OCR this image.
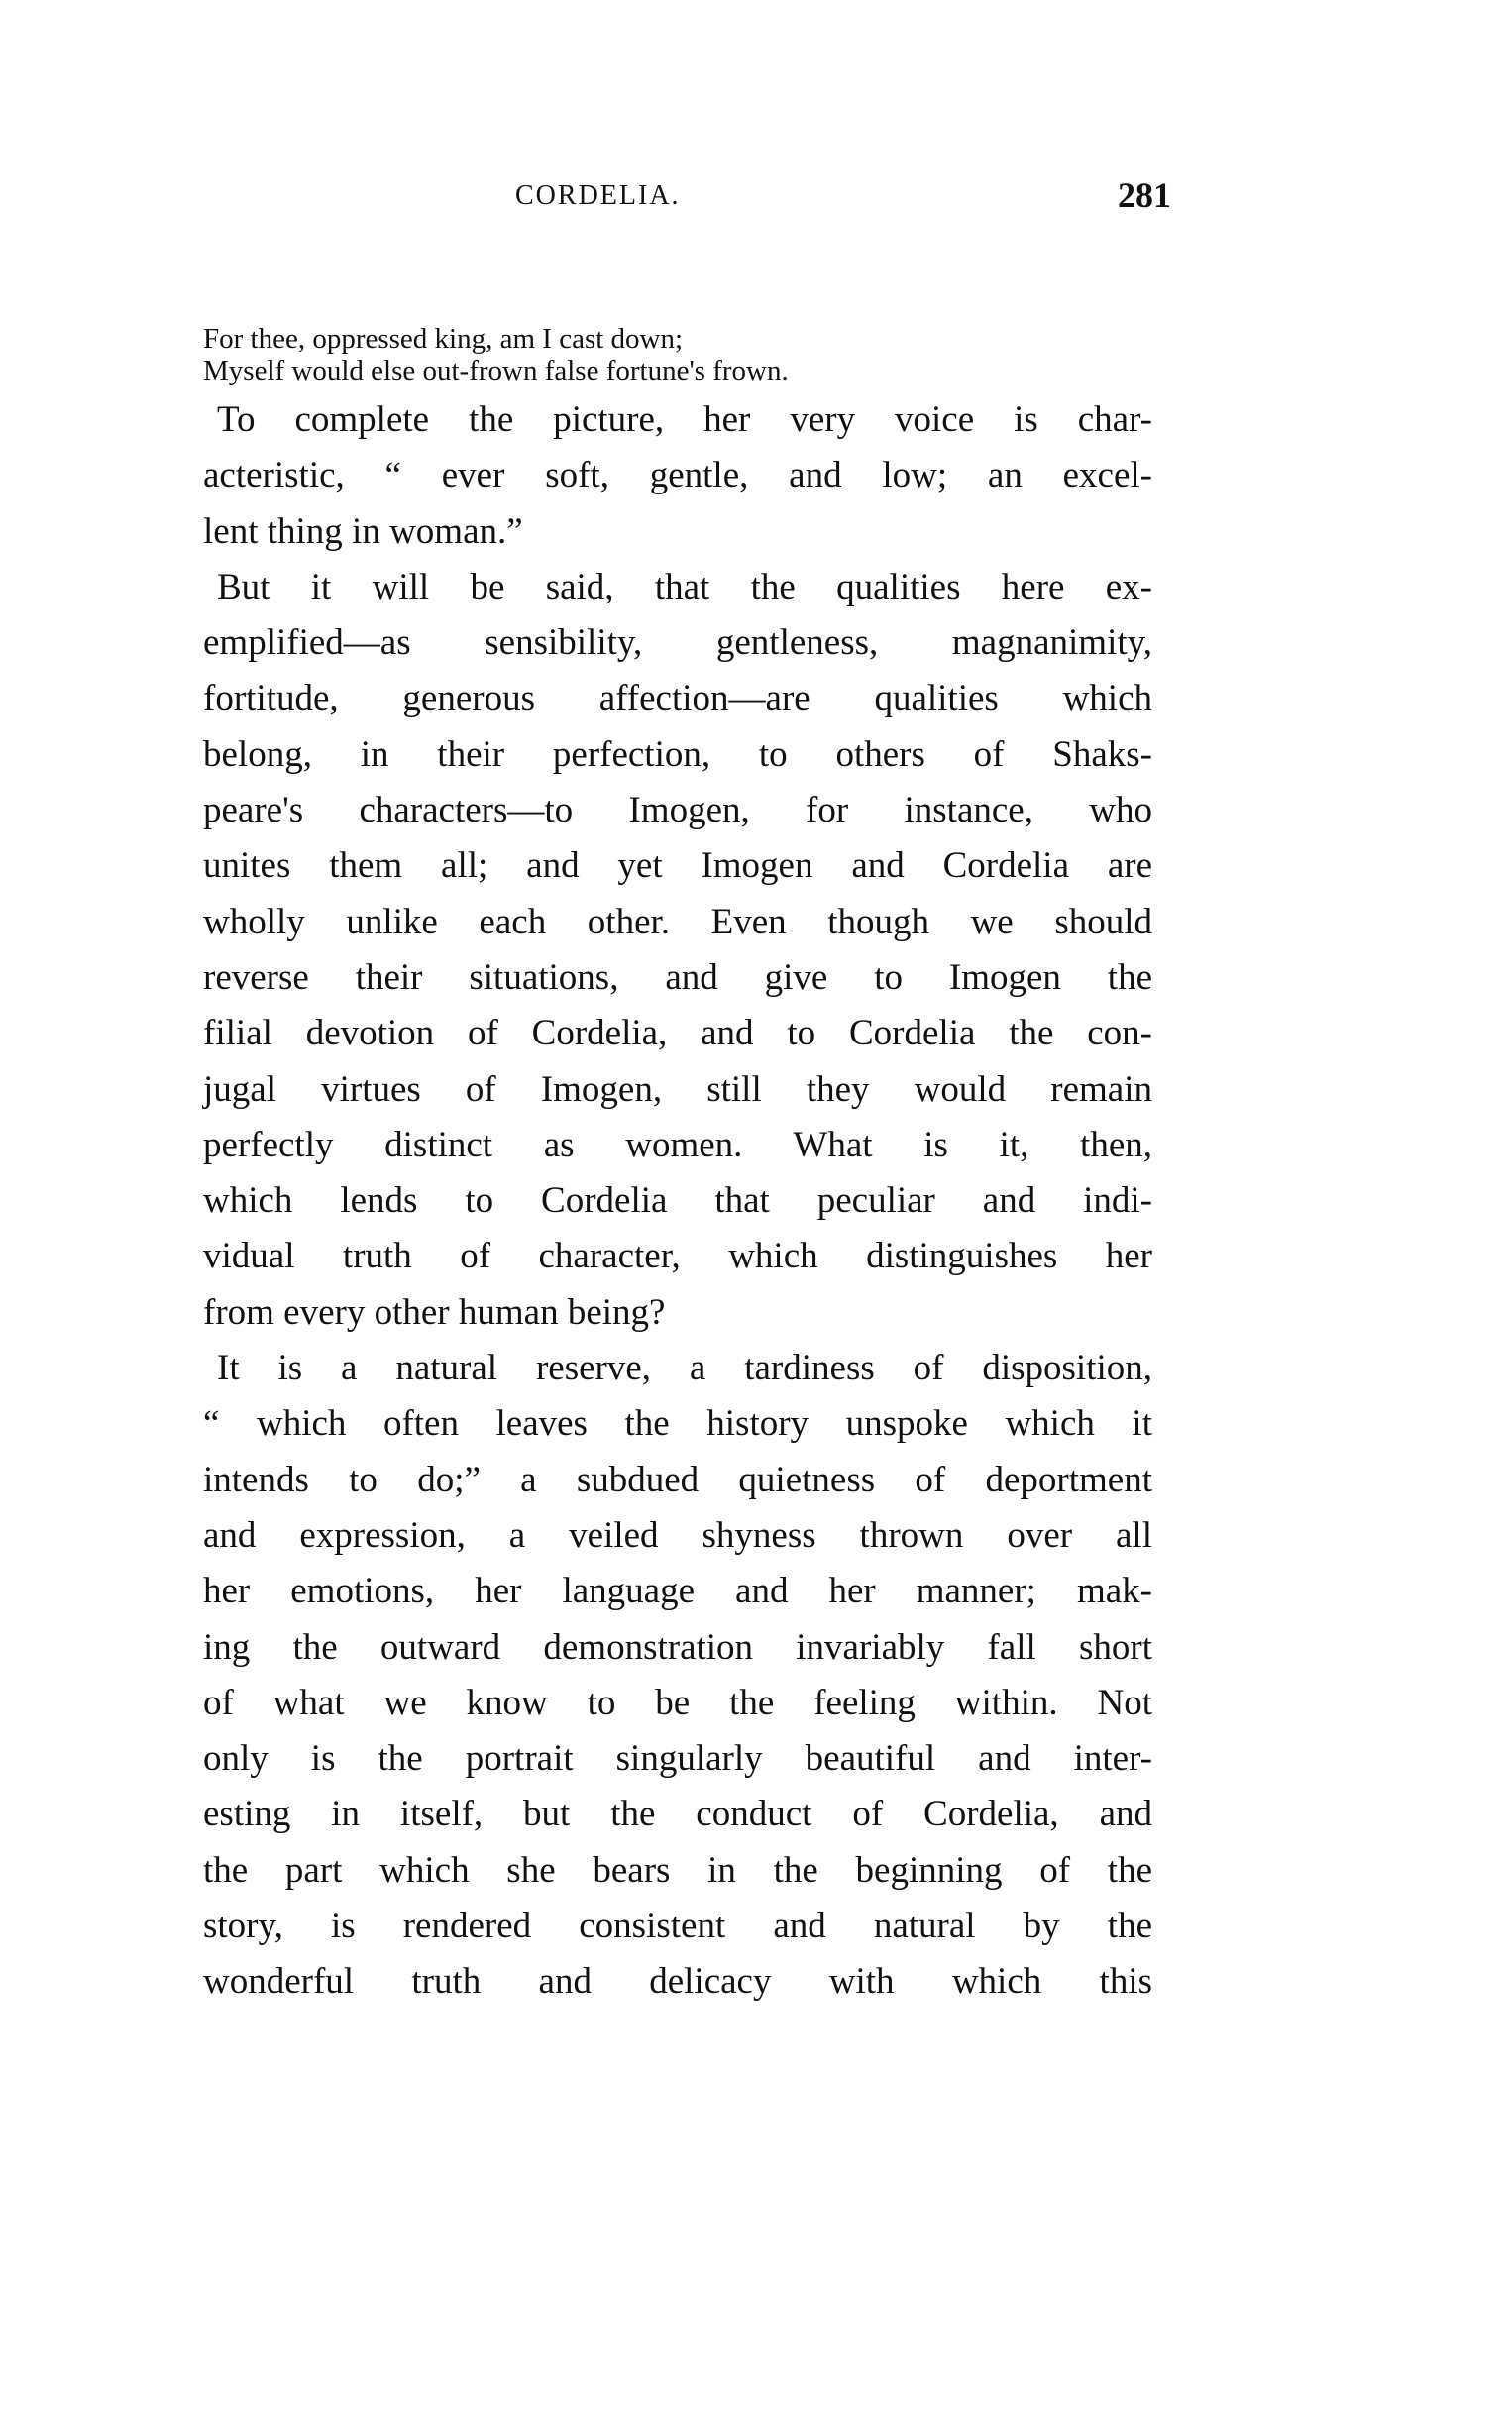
CORDELIA.	281
For thee, oppressed king, am I cast down;
Myself would else out-frown false fortune's frown.
To complete the picture, her very voice is char-
acteristic, “ ever soft, gentle, and low; an excel-
lent thing in woman.”
But it will be said, that the qualities here ex-
emplified—as sensibility, gentleness, magnanimity,
fortitude, generous affection—are qualities which
belong, in their perfection, to others of Shaks-
peare's characters—to Imogen, for instance, who
unites them all; and yet Imogen and Cordelia are
wholly unlike each other. Even though we should
reverse their situations, and give to Imogen the
filial devotion of Cordelia, and to Cordelia the con-
jugal virtues of Imogen, still they would remain
perfectly distinct as women. What is it, then,
which lends to Cordelia that peculiar and indi-
vidual truth of character, which distinguishes her
from every other human being?
It is a natural reserve, a tardiness of disposition,
“ which often leaves the history unspoke which it
intends to do;” a subdued quietness of deportment
and expression, a veiled shyness thrown over all
her emotions, her language and her manner; mak-
ing the outward demonstration invariably fall short
of what we know to be the feeling within. Not
only is the portrait singularly beautiful and inter-
esting in itself, but the conduct of Cordelia, and
the part which she bears in the beginning of the
story, is rendered consistent and natural by the
wonderful truth and delicacy with which this
